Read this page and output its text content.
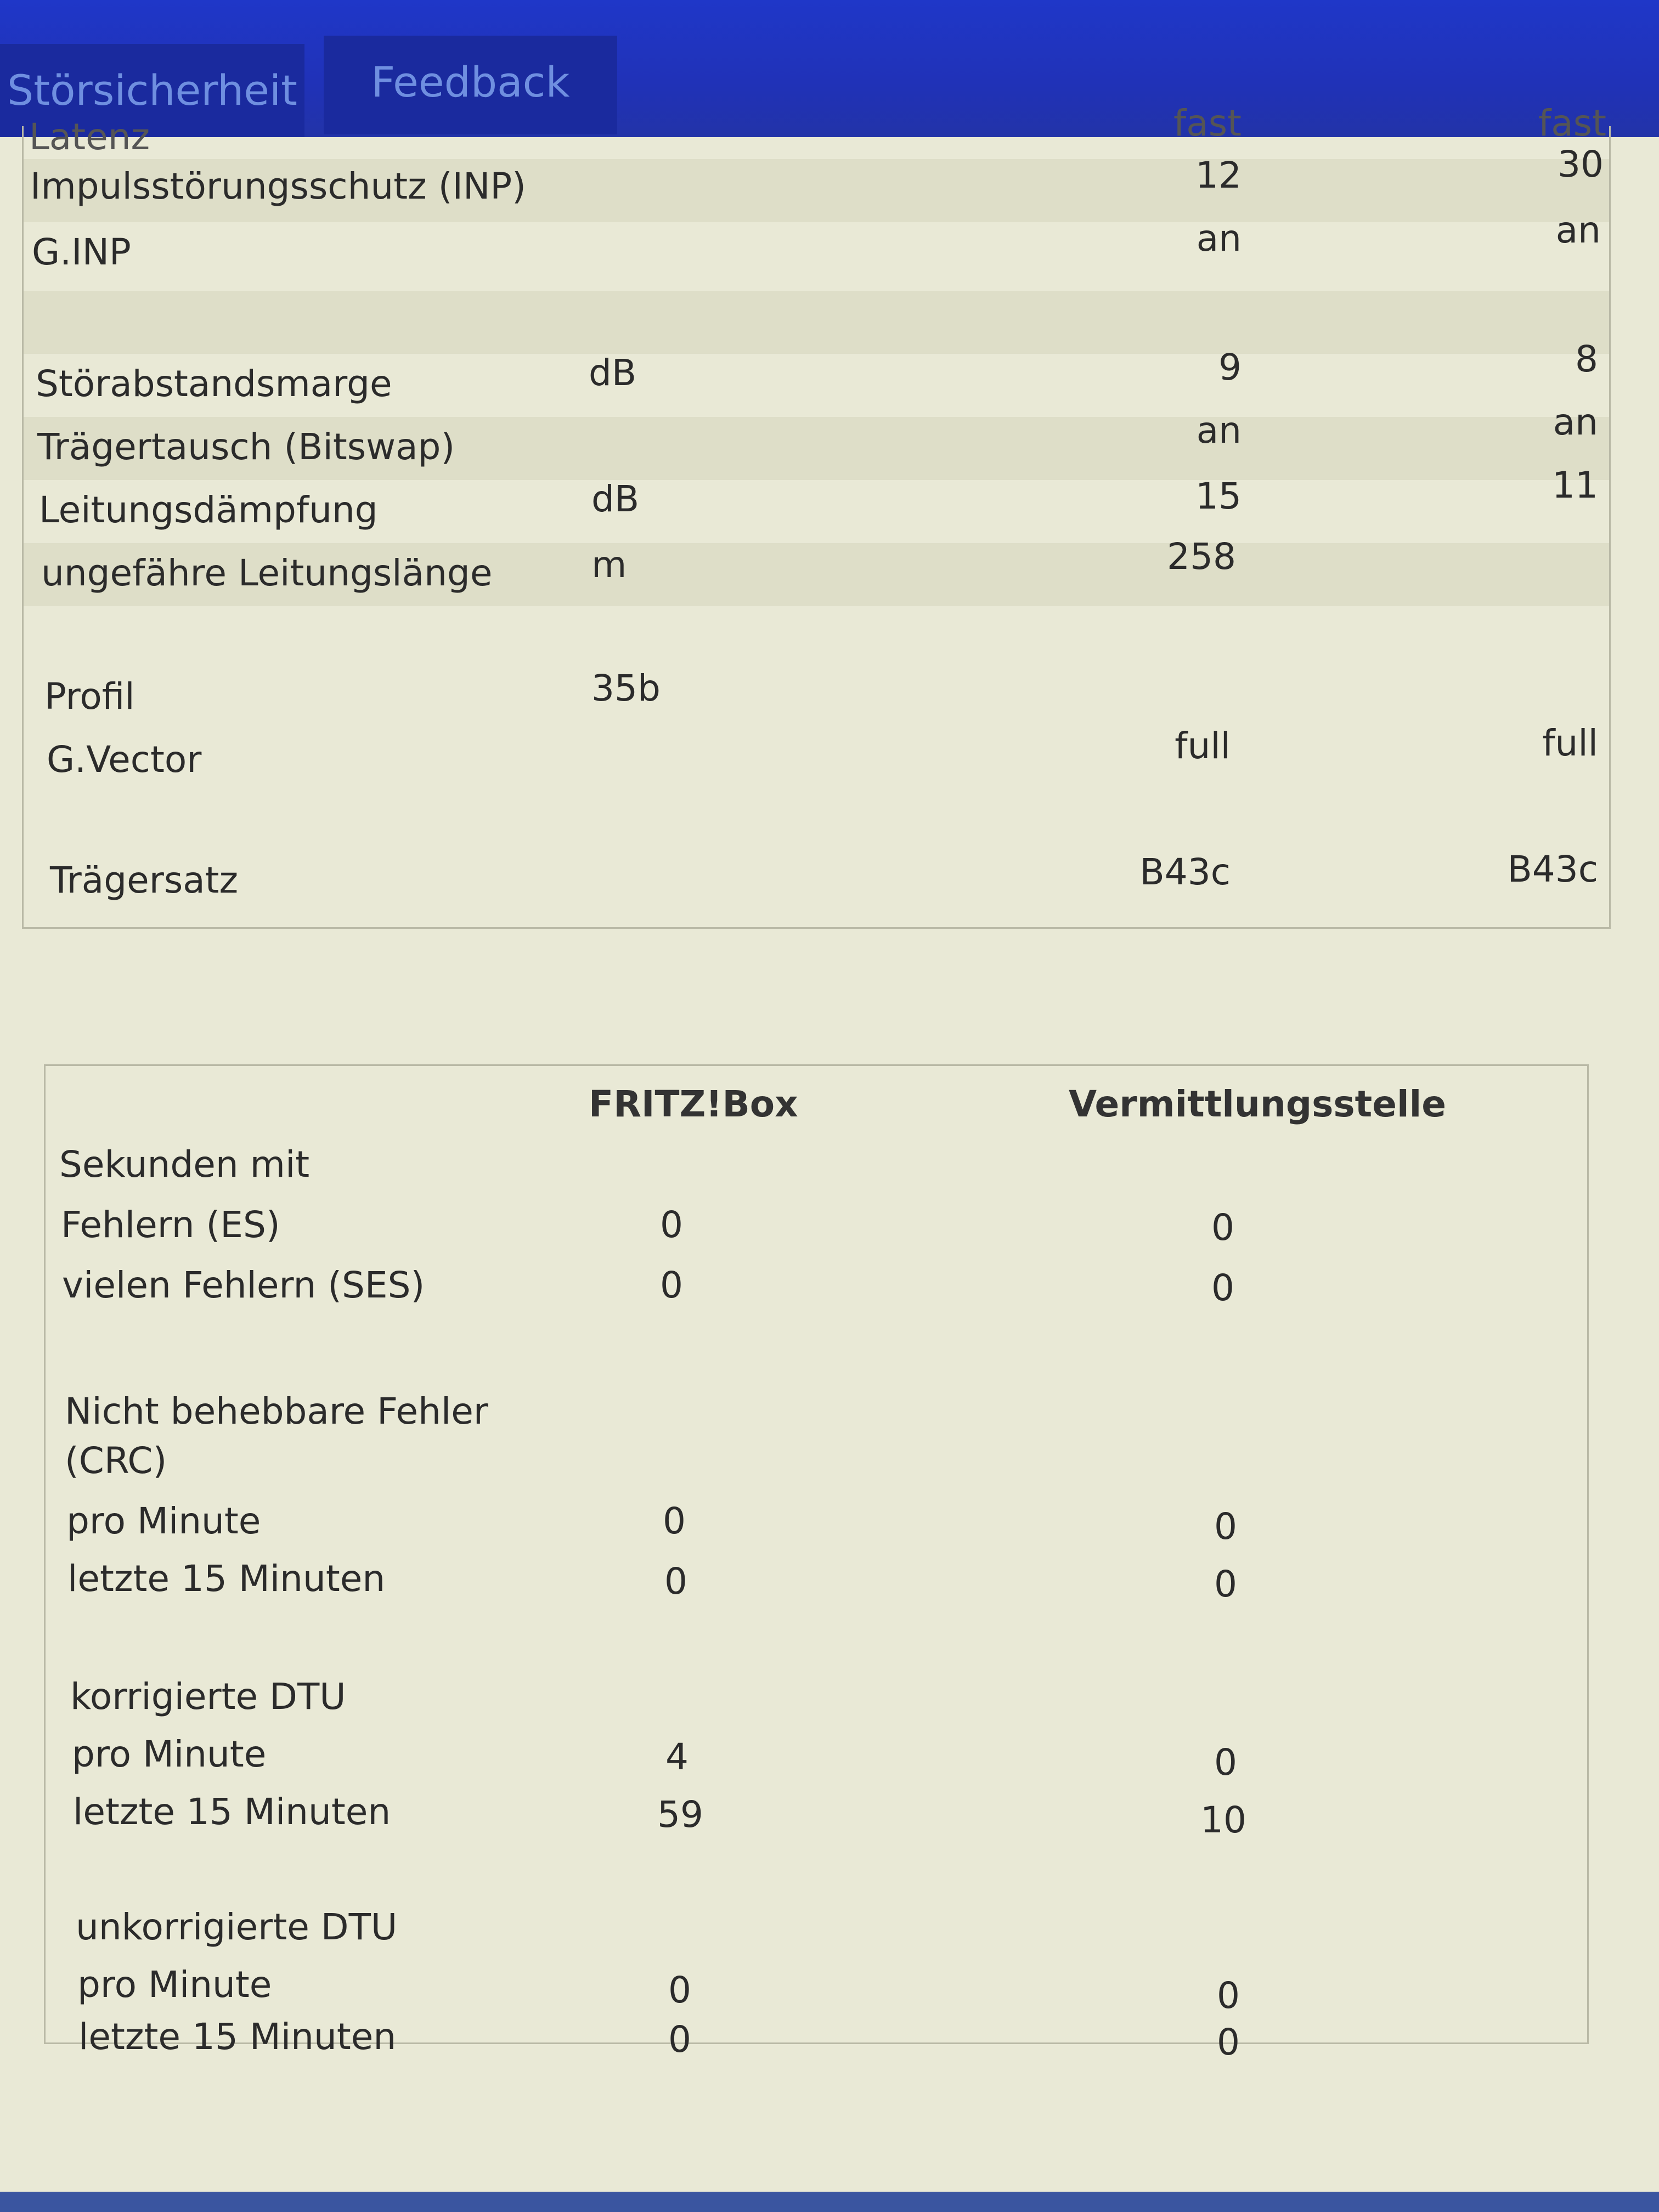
Störsicherheit	Feedback
Latenz	fast	fast
Impulsstörungsschutz (INP)	12	30
G.INP	an	an
Störabstandsmarge	dB	9	8
Trägertausch (Bitswap)	an	an
Leitungsdämpfung	dB	15	11
ungefähre Leitungslänge	m	258
Profil	35b
G.Vector	full	full
Trägersatz	B43c	B43c
FRITZ!Box	Vermittlungsstelle
Sekunden mit
Fehlern (ES)	0	0
vielen Fehlern (SES)	0	0
Nicht behebbare Fehler
(CRC)
pro Minute	0	0
letzte 15 Minuten	0	0
korrigierte DTU
pro Minute	4	0
letzte 15 Minuten	59	10
unkorrigierte DTU
pro Minute	0	0
letzte 15 Minuten	0	0
